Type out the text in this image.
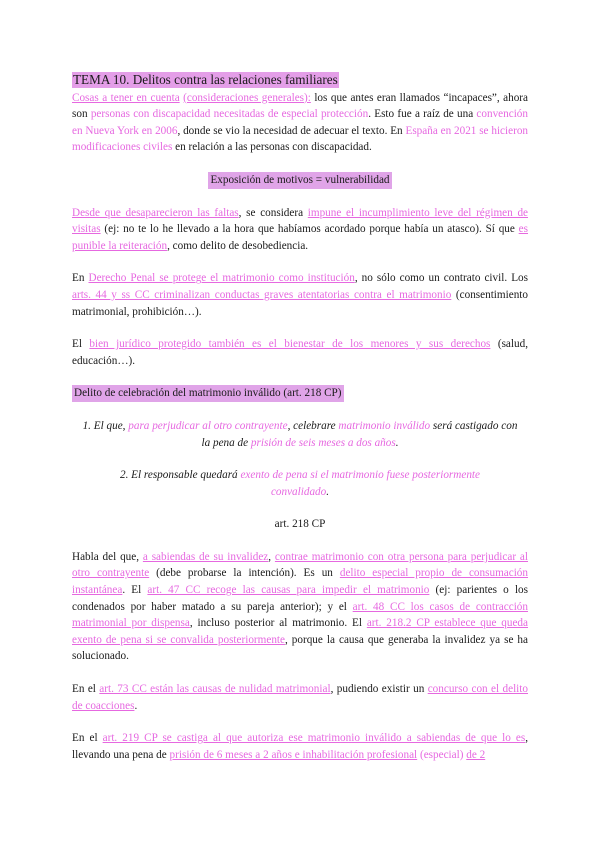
TEMA 10. Delitos contra las relaciones familiares

Cosas a tener en cuenta (consideraciones generales): los que antes eran llamados “incapaces”, ahora son personas con discapacidad necesitadas de especial protección. Esto fue a raíz de una convención en Nueva York en 2006, donde se vio la necesidad de adecuar el texto. En España en 2021 se hicieron modificaciones civiles en relación a las personas con discapacidad.

Exposición de motivos = vulnerabilidad

Desde que desaparecieron las faltas, se considera impune el incumplimiento leve del régimen de visitas (ej: no te lo he llevado a la hora que habíamos acordado porque había un atasco). Sí que es punible la reiteración, como delito de desobediencia.

En Derecho Penal se protege el matrimonio como institución, no sólo como un contrato civil. Los arts. 44 y ss CC criminalizan conductas graves atentatorias contra el matrimonio (consentimiento matrimonial, prohibición…).

El bien jurídico protegido también es el bienestar de los menores y sus derechos (salud, educación…).

Delito de celebración del matrimonio inválido (art. 218 CP)

1. El que, para perjudicar al otro contrayente, celebrare matrimonio inválido será castigado con la pena de prisión de seis meses a dos años.

2. El responsable quedará exento de pena si el matrimonio fuese posteriormente convalidado.

art. 218 CP

Habla del que, a sabiendas de su invalidez, contrae matrimonio con otra persona para perjudicar al otro contrayente (debe probarse la intención). Es un delito especial propio de consumación instantánea. El art. 47 CC recoge las causas para impedir el matrimonio (ej: parientes o los condenados por haber matado a su pareja anterior); y el art. 48 CC los casos de contracción matrimonial por dispensa, incluso posterior al matrimonio. El art. 218.2 CP establece que queda exento de pena si se convalida posteriormente, porque la causa que generaba la invalidez ya se ha solucionado.

En el art. 73 CC están las causas de nulidad matrimonial, pudiendo existir un concurso con el delito de coacciones.

En el art. 219 CP se castiga al que autoriza ese matrimonio inválido a sabiendas de que lo es, llevando una pena de prisión de 6 meses a 2 años e inhabilitación profesional (especial) de 2
